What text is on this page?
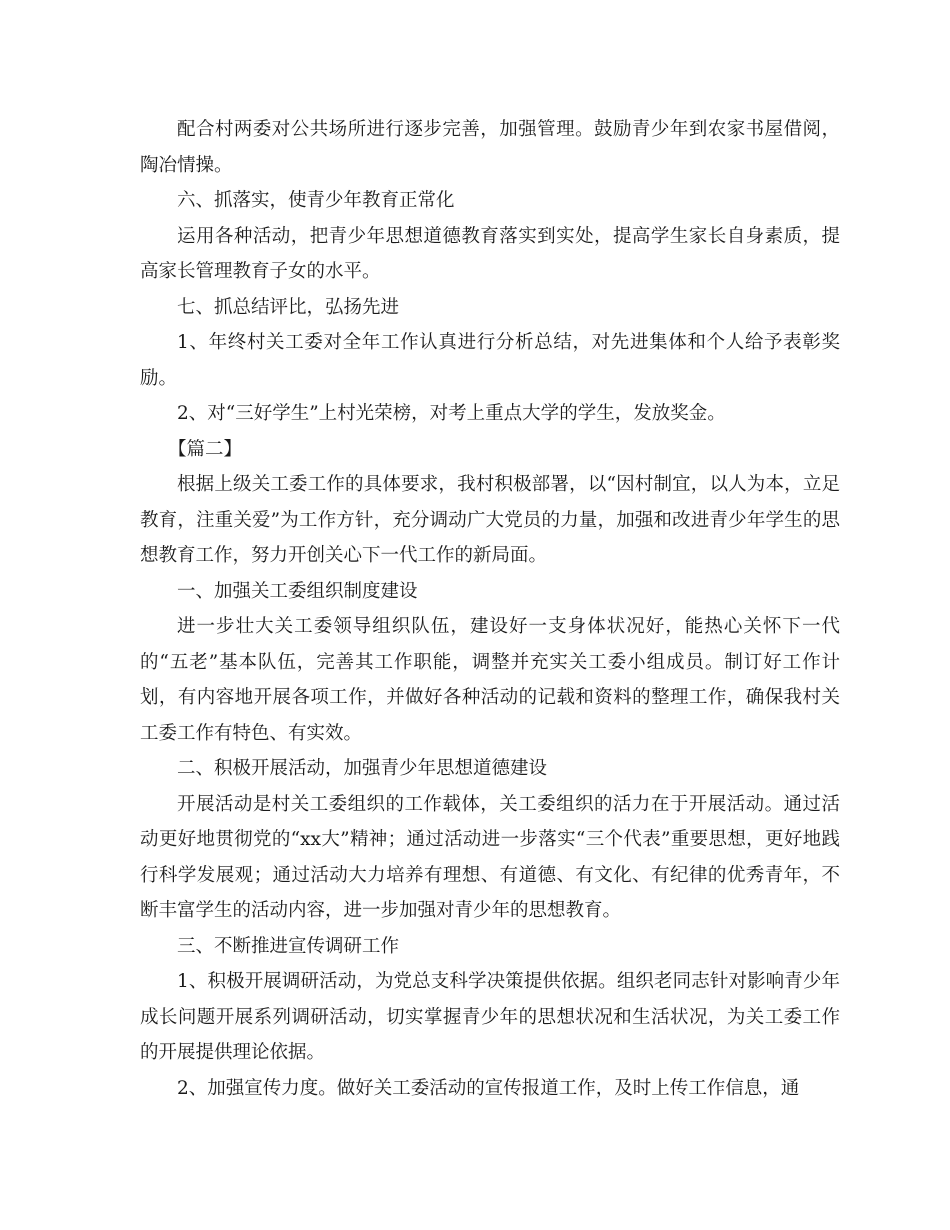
配合村两委对公共场所进行逐步完善，加强管理。鼓励青少年到农家书屋借阅，陶冶情操。

六、抓落实，使青少年教育正常化

运用各种活动，把青少年思想道德教育落实到实处，提高学生家长自身素质，提高家长管理教育子女的水平。

七、抓总结评比，弘扬先进

1、年终村关工委对全年工作认真进行分析总结，对先进集体和个人给予表彰奖励。

2、对“三好学生”上村光荣榜，对考上重点大学的学生，发放奖金。

【篇二】

根据上级关工委工作的具体要求，我村积极部署，以“因村制宜，以人为本，立足教育，注重关爱”为工作方针，充分调动广大党员的力量，加强和改进青少年学生的思想教育工作，努力开创关心下一代工作的新局面。

一、加强关工委组织制度建设

进一步壮大关工委领导组织队伍，建设好一支身体状况好，能热心关怀下一代的“五老”基本队伍，完善其工作职能，调整并充实关工委小组成员。制订好工作计划，有内容地开展各项工作，并做好各种活动的记载和资料的整理工作，确保我村关工委工作有特色、有实效。

二、积极开展活动，加强青少年思想道德建设

开展活动是村关工委组织的工作载体，关工委组织的活力在于开展活动。通过活动更好地贯彻党的“xx大”精神；通过活动进一步落实“三个代表”重要思想，更好地践行科学发展观；通过活动大力培养有理想、有道德、有文化、有纪律的优秀青年，不断丰富学生的活动内容，进一步加强对青少年的思想教育。

三、不断推进宣传调研工作

1、积极开展调研活动，为党总支科学决策提供依据。组织老同志针对影响青少年成长问题开展系列调研活动，切实掌握青少年的思想状况和生活状况，为关工委工作的开展提供理论依据。

2、加强宣传力度。做好关工委活动的宣传报道工作，及时上传工作信息，通
